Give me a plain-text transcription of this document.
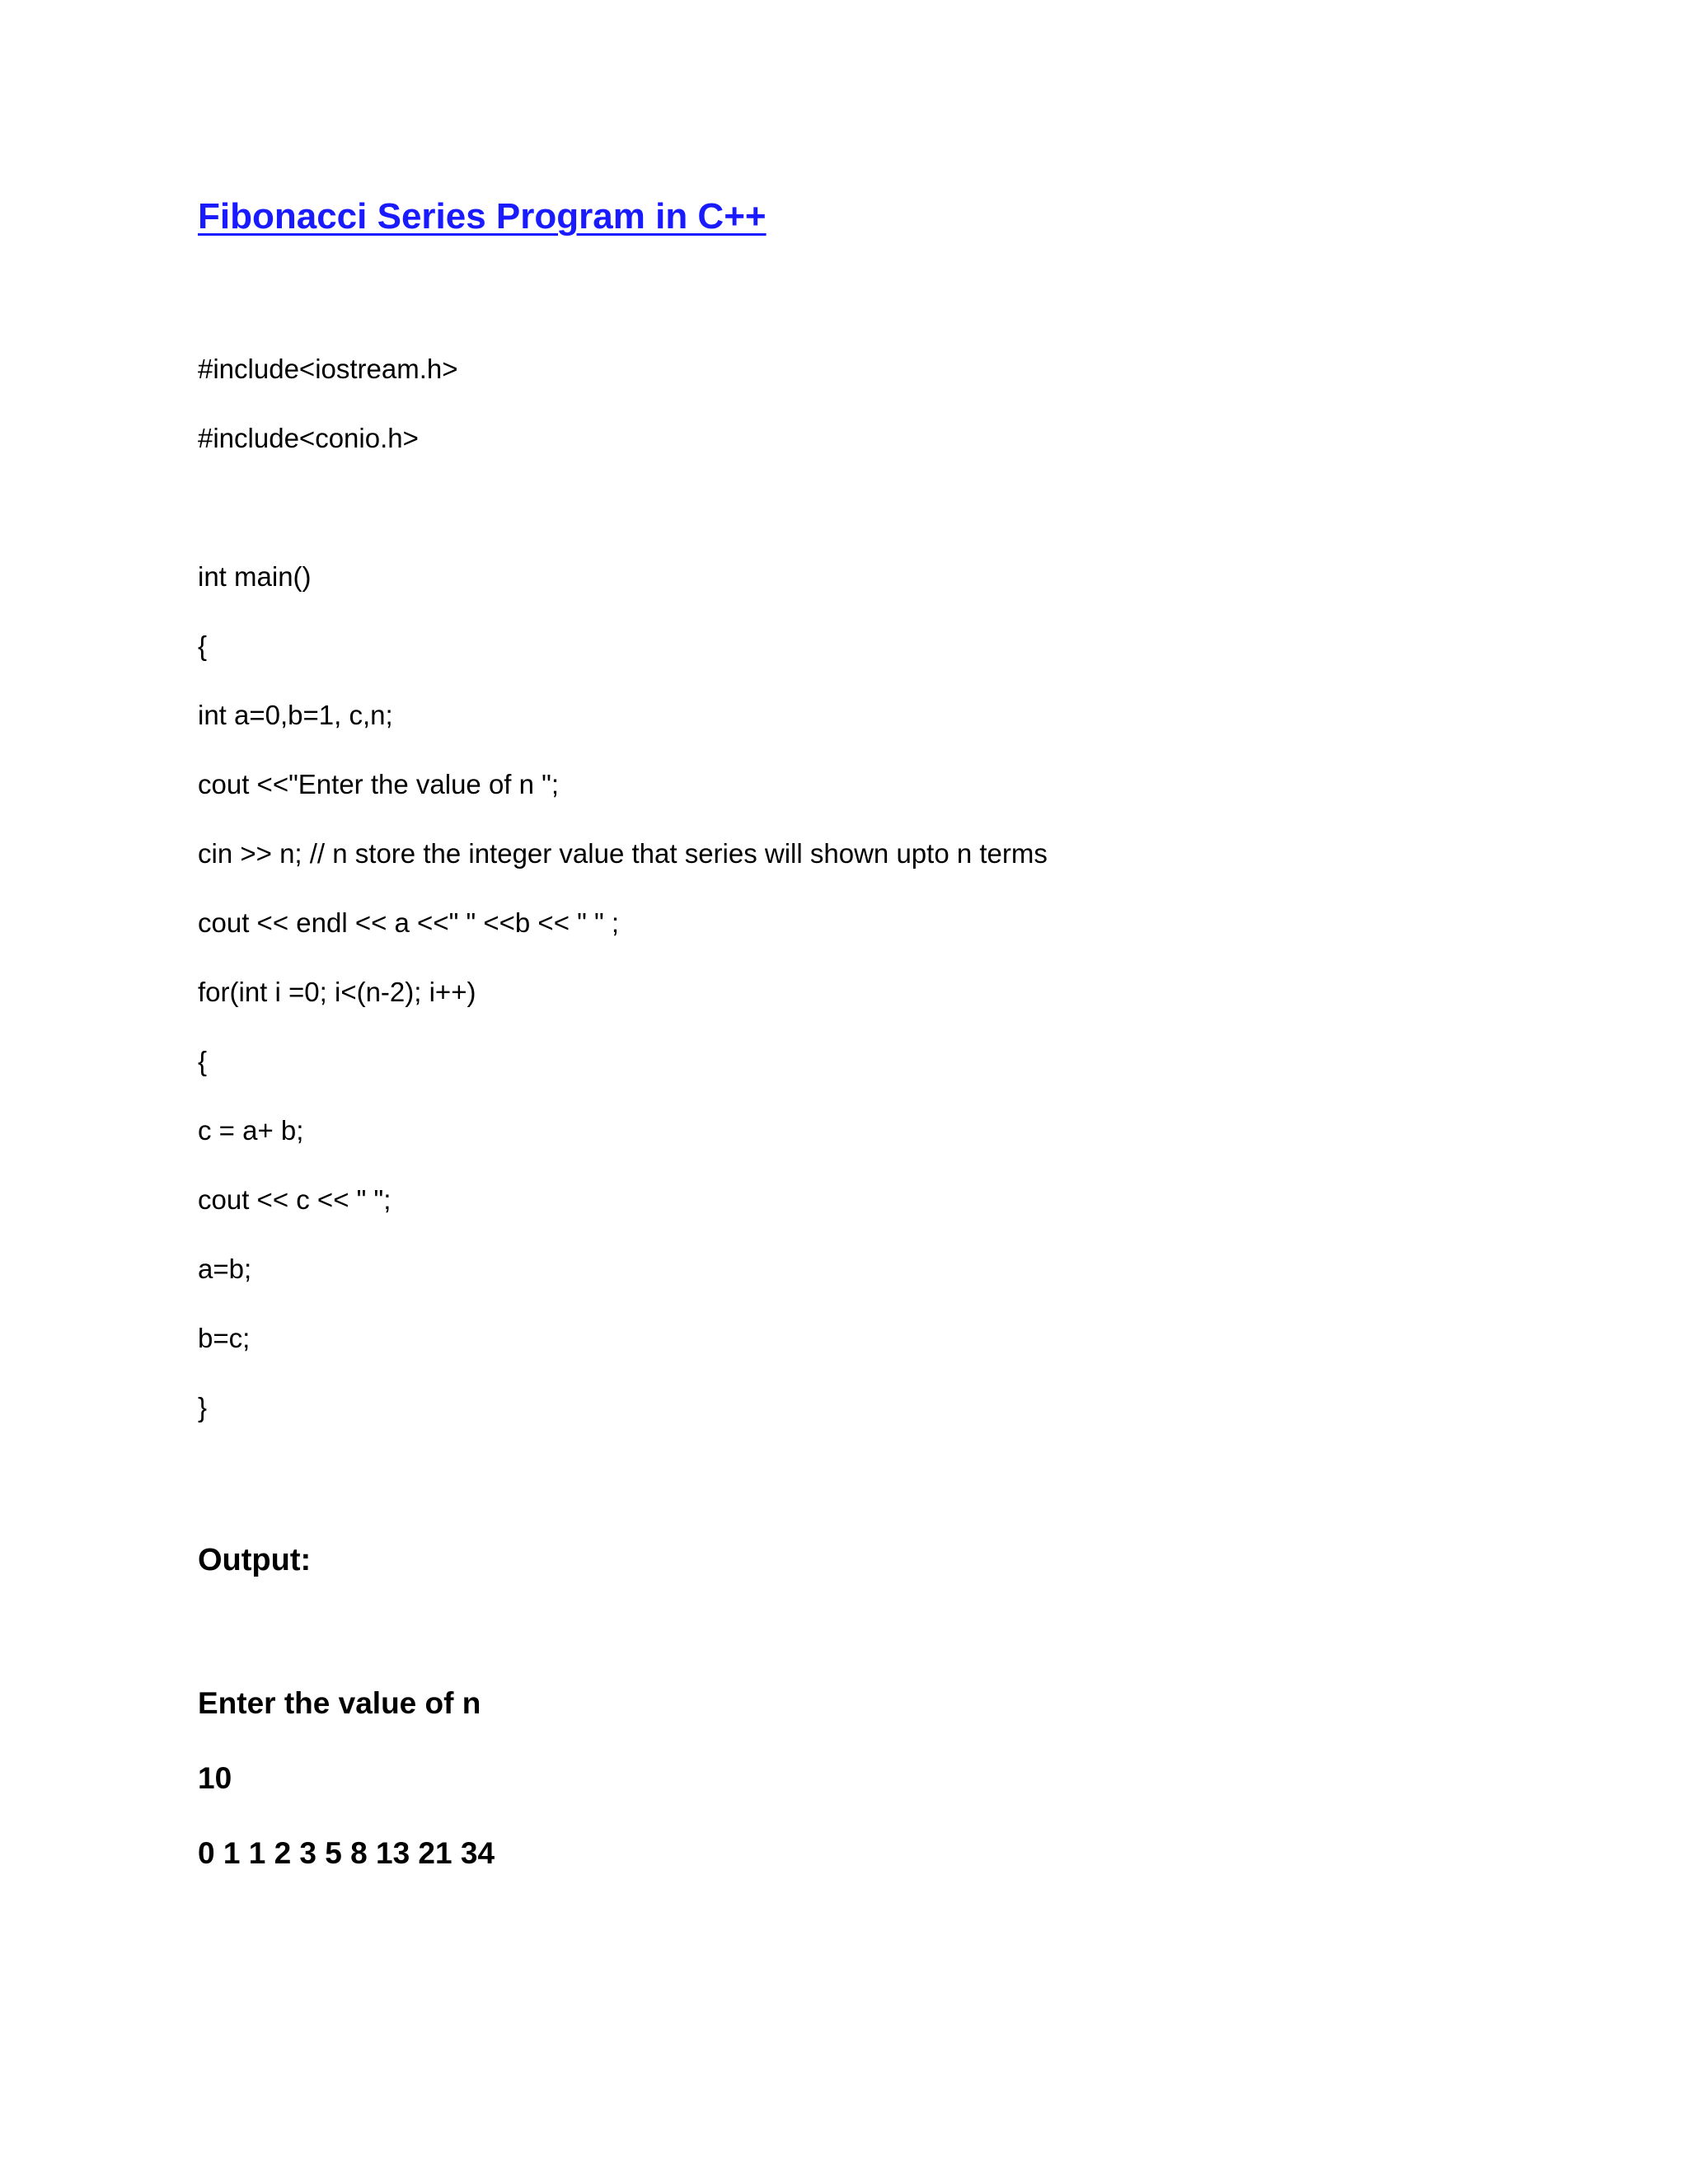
Fibonacci Series Program in C++
#include<iostream.h>
#include<conio.h>
int main()
{
int a=0,b=1, c,n;
cout <<"Enter the value of n ";
cin >> n; // n store the integer value that series will shown upto n terms
cout << endl << a <<" " <<b << " " ;
for(int i =0; i<(n-2); i++)
{
c = a+ b;
cout << c << " ";
a=b;
b=c;
}
Output:
Enter the value of n
10
0 1 1 2 3 5 8 13 21 34
